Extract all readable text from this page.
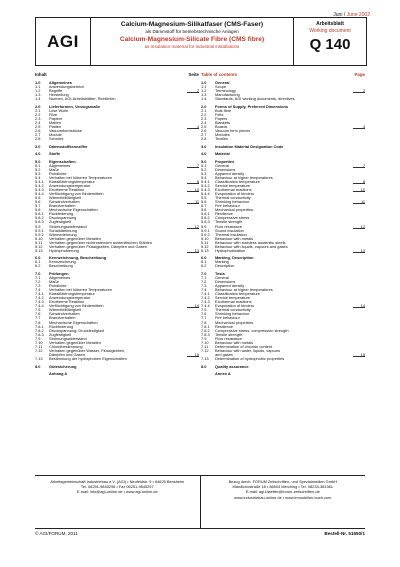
Juni / June 2002
AGI
Calcium-Magnesium-Silikatfaser (CMS-Faser)
als Dämmstoff für betriebstechnische Anlagen
Calcium-Magnesium-Silicate Fibre (CMS fibre)
as insulation material for industrial installations
Arbeitsblatt
Working document
Q 140
Inhalt	Seite
1.0	Allgemeines
1.1	Anwendungsbereich
1.2	Begriffe	2
1.3	Herstellung
1.4	Normen, AGI-Arbeitsblätter, Richtlinien
2.0	Lieferformen, Verzugsmaße
2.1	Lose Wolle
2.2	Filze
2.3	Papiere
2.4	Matten
2.5	Platten	4
2.6	Vakuumformstücke
2.7	Module
2.8	Schnüre
3.0	Dämmstoffkennziffer
4.0	Stoffe
5.0	Eigenschaften
5.1	Allgemeines	7
5.2	Maße
5.3	Rohdichte
5.4	Verhalten bei höheren Temperaturen
5.4.1	Klassifizierungstemperatur	8
5.4.2	Anwendungstemperatur
5.4.3	Exotherme Reaktion	10
5.4.4	Verflüchtigung von Bindemitteln
5.5	Wärmeleitfähigkeit
5.6	Schwindverhalten	11
5.7	Brandverhalten
5.8	Mechanische Eigenschaften
5.8.1	Rückfederung
5.8.2	Druckspannung
5.8.3	Zugfestigkeit
5.9	Strömungswiderstand	12
5.9.1	Schalldämmung
5.9.2	Wärmedehnung
5.10	Verhalten gegenüber Metallen
5.11	Verhalten gegenüber nichtrostenden austenitischen Stählen
5.12	Verhalten gegenüber Flüssigkeiten, Dämpfen und Gasen
5.13	Hydrophobierung	13
6.0	Kennzeichnung, Beschreibung
6.1	Kennzeichnung
6.2	Beschreibung
7.0	Prüfungen
7.1	Allgemeines
7.2	Maße
7.3	Rohdichte
7.4	Verhalten bei höheren Temperaturen
7.4.1	Klassifizierungstemperatur
7.4.2	Anwendungstemperatur
7.4.3	Exotherme Reaktion
7.4.4	Verflüchtigung von Bindemitteln	14
7.5	Wärmeleitfähigkeit
7.6	Schwindverhalten
7.7	Brandverhalten
7.8	Mechanische Eigenschaften
7.8.1	Rückfederung
7.8.2	Druckspannung; Druckfestigkeit
7.8.3	Zugfestigkeit
7.9	Strömungswiderstand
7.10	Verhalten gegenüber Metallen
7.11	Chloridbestimmung
7.12	Verhalten gegenüber Wasser, Flüssigkeiten,
Dämpfen und Gasen	15
7.13	Bestimmung der hydrophoben Eigenschaften
8.0	Gütesicherung
Anhang A
Table of contents	Page
1.0	General
1.1	Scope
1.2	Terminology	2
1.3	Manufacturing
1.4	Standards, AGI working documents, directives
2.0	Forms of Supply, Preferred Dimensions
2.1	Bulk fibre
2.2	Felts
2.3	Papers
2.4	Blankets
2.5	Boards	4
2.6	Vacuum form pieces
2.7	Modules
2.8	Textiles
3.0	Insulation Material Designation Code
4.0	Material
5.0	Properties
5.1	General	7
5.2	Dimensions
5.3	Apparent density
5.4	Behaviour at higher temperatures
5.4.1	Classification temperature	8
5.4.2	Service temperature
5.4.3	Exothermal reactions	10
5.4.4	Evaporation of binders
5.5	Thermal conductivity
5.6	Shrinking behaviour	11
5.7	Fire behaviour
5.8	Mechanical properties
5.8.1	Resilience
5.8.2	Compressive stress
5.8.3	Tensile strength
5.9	Flow resistance	12
5.9.1	Sound insulation
5.9.2	Thermal insulation
5.10	Behaviour with metals
5.11	Behaviour with stainless austenitic steels
5.12	Behaviour with liquids, vapours and gases
5.13	Hydrophobisation	13
6.0	Marking, Description
6.1	Marking
6.2	Description
7.0	Tests
7.1	General
7.2	Dimensions
7.3	Apparent density
7.4	Behaviour at higher temperatures
7.4.1	Classification temperature
7.4.2	Service temperature
7.4.3	Exothermal reactions
7.4.4	Evaporation of binders	14
7.5	Thermal conductivity
7.6	Shrinking behaviour
7.7	Fire behaviour
7.8	Mechanical properties
7.8.1	Resilience
7.8.2	Compressive stress, compression strength
7.8.3	Tensile strength
7.9	Flow resistance
7.10	Behaviour with metals
7.11	Determination of chloride content
7.12	Behaviour with water, liquids, vapours
and gases	15
7.13	Determination of hydrophobic properties
8.0	Quality assurance
Annex A
Arbeitsgemeinschaft Industriebau e.V. (AGI) • Neufeldstr. 9 • 64625 Bensheim
Tel. 06251-9845296 • Fax 06251-9845297
E-mail: info@agi-online.de • www.agi-online.de
Bezug durch: FORUM Zeitschriften- und Spezialmedien GmbH
Mandichostraße 18 • 86504 Merching • Tel. 08233-381361
E-mail: agi-blaetter@forum-zeitschriften.de
www.industriebau-online.de • www.immobilien-buch.com
© AGI/FORUM, 2011	Bestell-Nr. 51550/1
